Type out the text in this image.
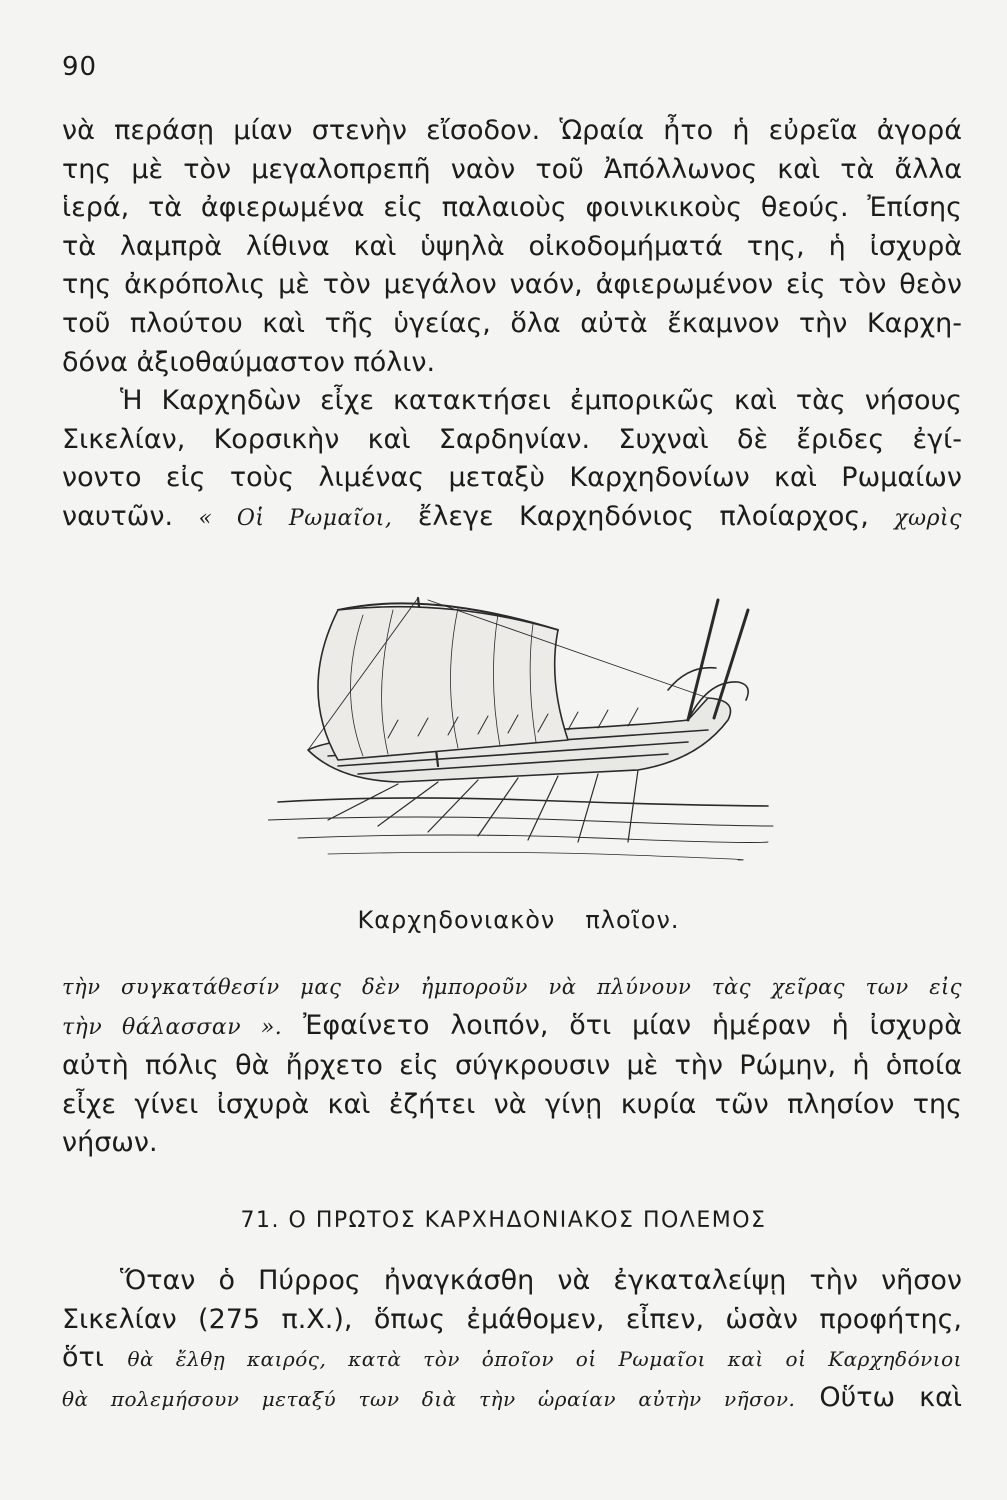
90
νὰ περάσῃ μίαν στενὴν εἴσοδον. Ὡραία ἦτο ἡ εὐρεῖα ἀγορά
της μὲ τὸν μεγαλοπρεπῆ ναὸν τοῦ Ἀπόλλωνος καὶ τὰ ἄλλα
ἱερά, τὰ ἀφιερωμένα εἰς παλαιοὺς φοινικικοὺς θεούς. Ἐπίσης
τὰ λαμπρὰ λίθινα καὶ ὑψηλὰ οἰκοδομήματά της, ἡ ἰσχυρὰ
της ἀκρόπολις μὲ τὸν μεγάλον ναόν, ἀφιερωμένον εἰς τὸν θεὸν
τοῦ πλούτου καὶ τῆς ὑγείας, ὅλα αὐτὰ ἔκαμνον τὴν Καρχη-
δόνα ἀξιοθαύμαστον πόλιν.
Ἡ Καρχηδὼν εἶχε κατακτήσει ἐμπορικῶς καὶ τὰς νήσους
Σικελίαν, Κορσικὴν καὶ Σαρδηνίαν. Συχναὶ δὲ ἔριδες ἐγί-
νοντο εἰς τοὺς λιμένας μεταξὺ Καρχηδονίων καὶ Ρωμαίων
ναυτῶν. « Οἱ Ρωμαῖοι, ἔλεγε Καρχηδόνιος πλοίαρχος, χωρὶς
Καρχηδονιακὸν πλοῖον.
τὴν συγκατάθεσίν μας δὲν ἠμποροῦν νὰ πλύνουν τὰς χεῖρας των εἰς
τὴν θάλασσαν ». Ἐφαίνετο λοιπόν, ὅτι μίαν ἡμέραν ἡ ἰσχυρὰ
αὐτὴ πόλις θὰ ἤρχετο εἰς σύγκρουσιν μὲ τὴν Ρώμην, ἡ ὁποία
εἶχε γίνει ἰσχυρὰ καὶ ἐζήτει νὰ γίνῃ κυρία τῶν πλησίον της
νήσων.
71. Ο ΠΡΩΤΟΣ ΚΑΡΧΗΔΟΝΙΑΚΟΣ ΠΟΛΕΜΟΣ
Ὅταν ὁ Πύρρος ἠναγκάσθη νὰ ἐγκαταλείψῃ τὴν νῆσον
Σικελίαν (275 π.Χ.), ὅπως ἐμάθομεν, εἶπεν, ὡσὰν προφήτης,
ὅτι θὰ ἔλθῃ καιρός, κατὰ τὸν ὁποῖον οἱ Ρωμαῖοι καὶ οἱ Καρχηδόνιοι
θὰ πολεμήσουν μεταξύ των διὰ τὴν ὡραίαν αὐτὴν νῆσον. Οὕτω καὶ
